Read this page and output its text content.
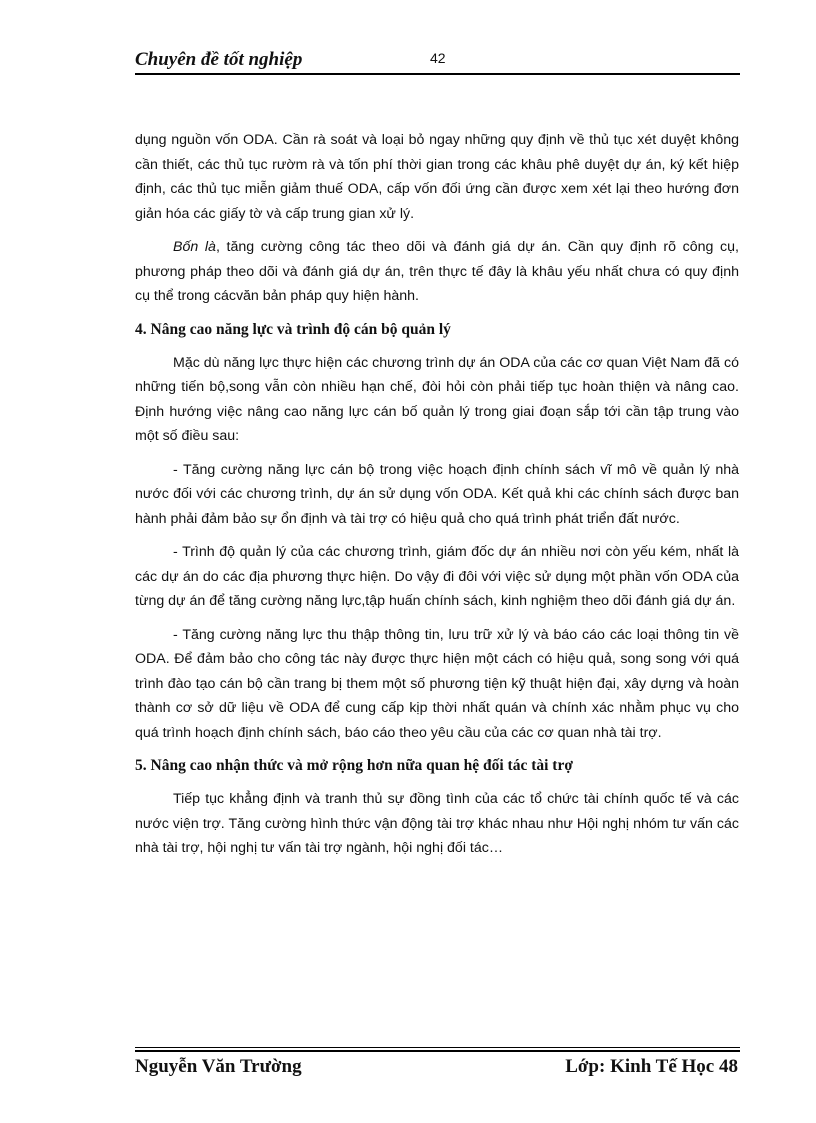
Chuyên đề tốt nghiệp	42

dụng nguồn vốn ODA. Cần rà soát và loại bỏ ngay những quy định về thủ tục xét duyệt không cần thiết, các thủ tục rườm rà và tốn phí thời gian trong các khâu phê duyệt dự án, ký kết hiệp định, các thủ tục miễn giảm thuế ODA, cấp vốn đối ứng cần được xem xét lại theo hướng đơn giản hóa các giấy tờ và cấp trung gian xử lý.

Bốn là, tăng cường công tác theo dõi và đánh giá dự án. Cần quy định rõ công cụ, phương pháp theo dõi và đánh giá dự án, trên thực tế đây là khâu yếu nhất chưa có quy định cụ thể trong cácvăn bản pháp quy hiện hành.

4. Nâng cao năng lực và trình độ cán bộ quản lý

Mặc dù năng lực thực hiện các chương trình dự án ODA của các cơ quan Việt Nam đã có những tiến bộ,song vẫn còn nhiều hạn chế, đòi hỏi còn phải tiếp tục hoàn thiện và nâng cao. Định hướng việc nâng cao năng lực cán bố quản lý trong giai đoạn sắp tới cần tập trung vào một số điều sau:

- Tăng cường năng lực cán bộ trong việc hoạch định chính sách vĩ mô về quản lý nhà nước đối với các chương trình, dự án sử dụng vốn ODA. Kết quả khi các chính sách được ban hành phải đảm bảo sự ổn định và tài trợ có hiệu quả cho quá trình phát triển đất nước.

- Trình độ quản lý của các chương trình, giám đốc dự án nhiều nơi còn yếu kém, nhất là các dự án do các địa phương thực hiện. Do vậy đi đôi với việc sử dụng một phần vốn ODA của từng dự án để tăng cường năng lực,tập huấn chính sách, kinh nghiệm theo dõi đánh giá dự án.

- Tăng cường năng lực thu thập thông tin, lưu trữ xử lý và báo cáo các loại thông tin về ODA. Để đảm bảo cho công tác này được thực hiện một cách có hiệu quả, song song với quá trình đào tạo cán bộ cần trang bị them một số phương tiện kỹ thuật hiện đại, xây dựng và hoàn thành cơ sở dữ liệu về ODA để cung cấp kịp thời nhất quán và chính xác nhằm phục vụ cho quá trình hoạch định chính sách, báo cáo theo yêu cầu của các cơ quan nhà tài trợ.

5. Nâng cao nhận thức và mở rộng hơn nữa quan hệ đối tác tài trợ

Tiếp tục khẳng định và tranh thủ sự đồng tình của các tổ chức tài chính quốc tế và các nước viện trợ. Tăng cường hình thức vận động tài trợ khác nhau như Hội nghị nhóm tư vấn các nhà tài trợ, hội nghị tư vấn tài trợ ngành, hội nghị đối tác…

Nguyễn Văn Trường	Lớp: Kinh Tế Học 48
